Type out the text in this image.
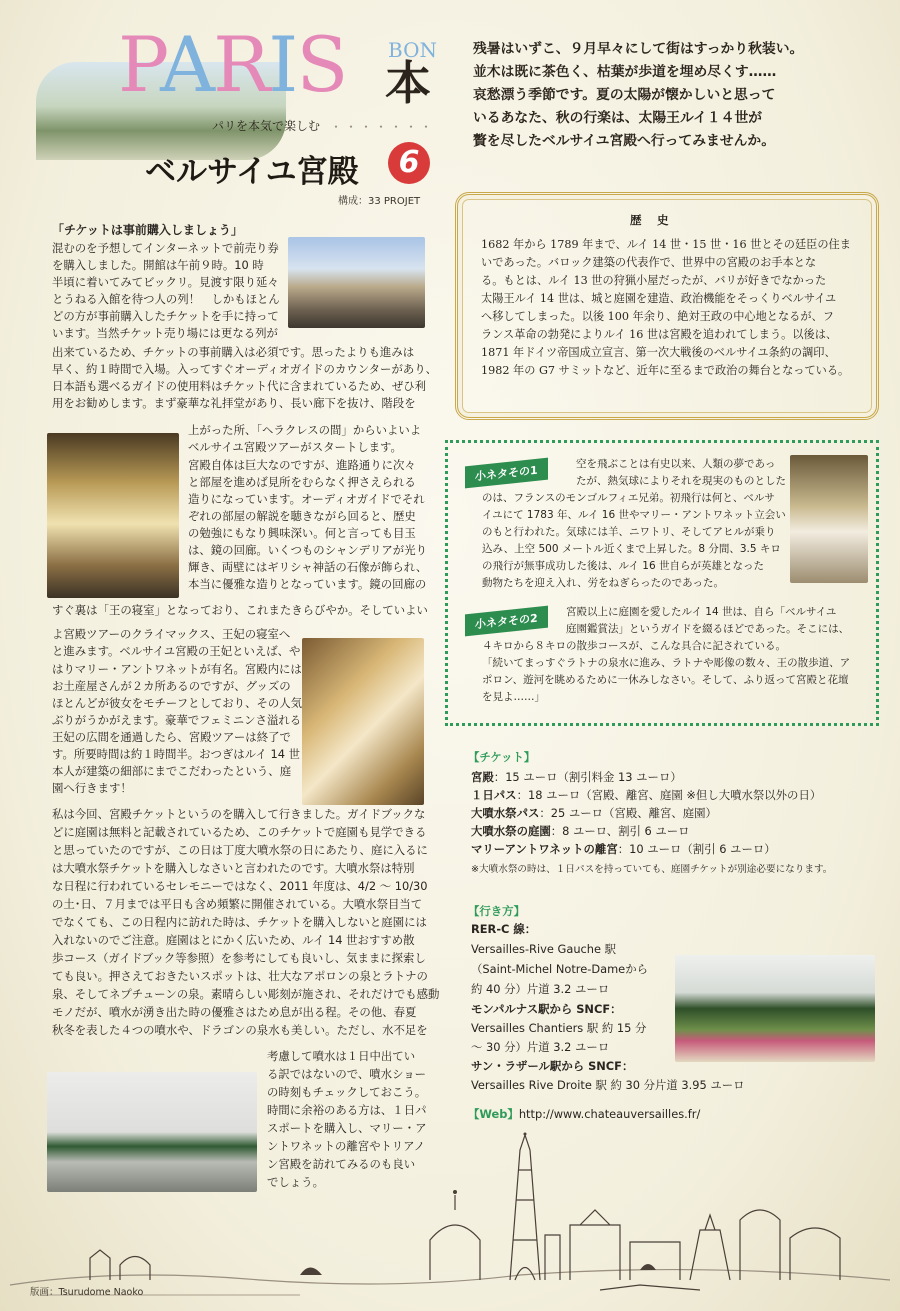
PARIS BON
本
パリを本気で楽しむ ・・・・・・・
ベルサイユ宮殿	6
構成：33 PROJET
残暑はいずこ、９月早々にして街はすっかり秋装い。
並木は既に茶色く、枯葉が歩道を埋め尽くす……
哀愁漂う季節です。夏の太陽が懐かしいと思って
いるあなた、秋の行楽は、太陽王ルイ１４世が
贅を尽したベルサイユ宮殿へ行ってみませんか。
歴　史
1682 年から 1789 年まで、ルイ 14 世・15 世・16 世とその廷臣の住ま
いであった。バロック建築の代表作で、世界中の宮殿のお手本とな
る。もとは、ルイ 13 世の狩猟小屋だったが、バリが好きでなかった
太陽王ルイ 14 世は、城と庭園を建造、政治機能をそっくりベルサイユ
へ移してしまった。以後 100 年余り、絶対王政の中心地となるが、フ
ランス革命の勃発によりルイ 16 世は宮殿を追われてしまう。以後は、
1871 年ドイツ帝国成立宣言、第一次大戦後のベルサイユ条約の調印、
1982 年の G7 サミットなど、近年に至るまで政治の舞台となっている。
小ネタその1	空を飛ぶことは有史以来、人類の夢であっ
たが、熱気球によりそれを現実のものとした
のは、フランスのモンゴルフィエ兄弟。初飛行は何と、ベルサ
イユにて 1783 年、ルイ 16 世やマリー・アントワネット立会い
のもと行われた。気球には羊、ニワトリ、そしてアヒルが乗り
込み、上空 500 メートル近くまで上昇した。8 分間、3.5 キロ
の飛行が無事成功した後は、ルイ 16 世自らが英雄となった
動物たちを迎え入れ、労をねぎらったのであった。
小ネタその2	宮殿以上に庭園を愛したルイ 14 世は、自ら「ベルサイユ
庭園鑑賞法」というガイドを綴るほどであった。そこには、
４キロから８キロの散歩コースが、こんな具合に記されている。
「続いてまっすぐラトナの泉水に進み、ラトナや彫像の数々、王の散歩道、ア
ポロン、遊河を眺めるために一休みしなさい。そして、ふり返って宮殿と花壇
を見よ……」
【チケット】
宮殿：15 ユーロ（割引料金 13 ユーロ）
１日パス：18 ユーロ（宮殿、離宮、庭園 ※但し大噴水祭以外の日）
大噴水祭パス：25 ユーロ（宮殿、離宮、庭園）
大噴水祭の庭園：8 ユーロ、割引 6 ユーロ
マリーアントワネットの離宮：10 ユーロ（割引 6 ユーロ）
※大噴水祭の時は、１日パスを持っていても、庭園チケットが別途必要になります。
【行き方】
RER-C 線：
Versailles-Rive Gauche 駅
（Saint-Michel Notre-Dameから
約 40 分）片道 3.2 ユーロ
モンパルナス駅から SNCF：
Versailles Chantiers 駅 約 15 分
～ 30 分）片道 3.2 ユーロ
サン・ラザール駅から SNCF：
Versailles Rive Droite 駅 約 30 分片道 3.95 ユーロ
【Web】http://www.chateauversailles.fr/
「チケットは事前購入しましょう」
混むのを予想してインターネットで前売り券
を購入しました。開館は午前９時。10 時
半頃に着いてみてビックリ。見渡す限り延々
とうねる入館を待つ人の列！　しかもほとん
どの方が事前購入したチケットを手に持って
います。当然チケット売り場には更なる列が
出来ているため、チケットの事前購入は必須です。思ったよりも進みは
早く、約１時間で入場。入ってすぐオーディオガイドのカウンターがあり、
日本語も選べるガイドの使用料はチケット代に含まれているため、ぜひ利
用をお勧めします。まず豪華な礼拝堂があり、長い廊下を抜け、階段を
上がった所、「ヘラクレスの間」からいよいよ
ベルサイユ宮殿ツアーがスタートします。
宮殿自体は巨大なのですが、進路通りに次々
と部屋を進めば見所をむらなく押さえられる
造りになっています。オーディオガイドでそれ
ぞれの部屋の解説を聴きながら回ると、歴史
の勉強にもなり興味深い。何と言っても目玉
は、鏡の回廊。いくつものシャンデリアが光り
輝き、両壁にはギリシャ神話の石像が飾られ、
本当に優雅な造りとなっています。鏡の回廊の
すぐ裏は「王の寝室」となっており、これまたきらびやか。そしていよい
よ宮殿ツアーのクライマックス、王妃の寝室へ
と進みます。ベルサイユ宮殿の王妃といえば、や
はりマリー・アントワネットが有名。宮殿内には
お土産屋さんが２カ所あるのですが、グッズの
ほとんどが彼女をモチーフとしており、その人気
ぶりがうかがえます。豪華でフェミニンさ溢れる
王妃の広間を通過したら、宮殿ツアーは終了で
す。所要時間は約１時間半。おつぎはルイ 14 世
本人が建築の細部にまでこだわったという、庭
園へ行きます！
私は今回、宮殿チケットというのを購入して行きました。ガイドブックな
どに庭園は無料と記載されているため、このチケットで庭園も見学できる
と思っていたのですが、この日は丁度大噴水祭の日にあたり、庭に入るに
は大噴水祭チケットを購入しなさいと言われたのです。大噴水祭は特別
な日程に行われているセレモニーではなく、2011 年度は、4/2 ～ 10/30
の土･日、７月までは平日も含め頻繁に開催されている。大噴水祭目当て
でなくても、この日程内に訪れた時は、チケットを購入しないと庭園には
入れないのでご注意。庭園はとにかく広いため、ルイ 14 世おすすめ散
歩コース（ガイドブック等参照）を参考にしても良いし、気ままに探索し
ても良い。押さえておきたいスポットは、壮大なアポロンの泉とラトナの
泉、そしてネプチューンの泉。素晴らしい彫刻が施され、それだけでも感動
モノだが、噴水が湧き出た時の優雅さはため息が出る程。その他、春夏
秋冬を表した４つの噴水や、ドラゴンの泉水も美しい。ただし、水不足を
考慮して噴水は１日中出てい
る訳ではないので、噴水ショー
の時刻もチェックしておこう。
時間に余裕のある方は、１日パ
スポートを購入し、マリー・ア
ントワネットの離宮やトリアノ
ン宮殿を訪れてみるのも良い
でしょう。
版画：Tsurudome Naoko
